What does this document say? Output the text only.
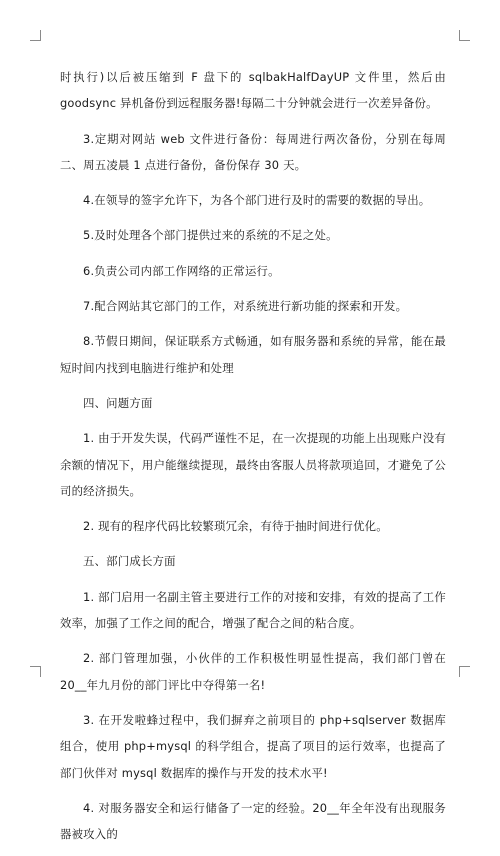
时执行)以后被压缩到 F 盘下的 sqlbakHalfDayUP 文件里，然后由 goodsync 异机备份到远程服务器!每隔二十分钟就会进行一次差异备份。

3.定期对网站 web 文件进行备份：每周进行两次备份，分别在每周二、周五凌晨 1 点进行备份，备份保存 30 天。

4.在领导的签字允许下，为各个部门进行及时的需要的数据的导出。

5.及时处理各个部门提供过来的系统的不足之处。

6.负责公司内部工作网络的正常运行。

7.配合网站其它部门的工作，对系统进行新功能的探索和开发。

8.节假日期间，保证联系方式畅通，如有服务器和系统的异常，能在最短时间内找到电脑进行维护和处理

四、问题方面

1. 由于开发失误，代码严谨性不足，在一次提现的功能上出现账户没有余额的情况下，用户能继续提现，最终由客服人员将款项追回，才避免了公司的经济损失。

2. 现有的程序代码比较繁琐冗余，有待于抽时间进行优化。

五、部门成长方面

1. 部门启用一名副主管主要进行工作的对接和安排，有效的提高了工作效率，加强了工作之间的配合，增强了配合之间的粘合度。

2. 部门管理加强，小伙伴的工作积极性明显性提高，我们部门曾在 20__年九月份的部门评比中夺得第一名!

3. 在开发啦蜂过程中，我们摒弃之前项目的 php+sqlserver 数据库组合，使用 php+mysql 的科学组合，提高了项目的运行效率，也提高了部门伙伴对 mysql 数据库的操作与开发的技术水平!

4. 对服务器安全和运行储备了一定的经验。20__年全年没有出现服务器被攻入的
